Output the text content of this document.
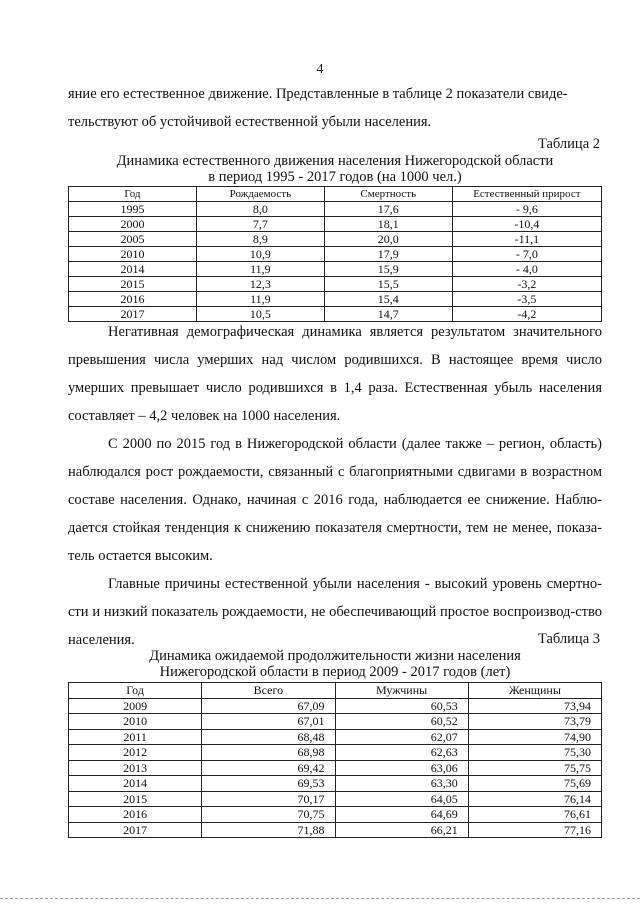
4

яние его естественное движение. Представленные в таблице 2 показатели свиде-
тельствуют об устойчивой естественной убыли населения.

Таблица 2

Динамика естественного движения населения Нижегородской области
в период 1995 - 2017 годов (на 1000 чел.)

Год	Рождаемость	Смертность	Естественный прирост
1995	8,0	17,6	- 9,6
2000	7,7	18,1	-10,4
2005	8,9	20,0	-11,1
2010	10,9	17,9	- 7,0
2014	11,9	15,9	- 4,0
2015	12,3	15,5	-3,2
2016	11,9	15,4	-3,5
2017	10,5	14,7	-4,2

Негативная демографическая динамика является результатом значительного превышения числа умерших над числом родившихся. В настоящее время число умерших превышает число родившихся в 1,4 раза. Естественная убыль населения составляет – 4,2 человек на 1000 населения.

С 2000 по 2015 год в Нижегородской области (далее также – регион, область) наблюдался рост рождаемости, связанный с благоприятными сдвигами в возрастном составе населения. Однако, начиная с 2016 года, наблюдается ее снижение. Наблю-дается стойкая тенденция к снижению показателя смертности, тем не менее, показа-тель остается высоким.

Главные причины естественной убыли населения - высокий уровень смертно-сти и низкий показатель рождаемости, не обеспечивающий простое воспроизвод-ство населения.	Таблица 3

Динамика ожидаемой продолжительности жизни населения
Нижегородской области в период 2009 - 2017 годов (лет)

Год	Всего	Мужчины	Женщины
2009	67,09	60,53	73,94
2010	67,01	60,52	73,79
2011	68,48	62,07	74,90
2012	68,98	62,63	75,30
2013	69,42	63,06	75,75
2014	69,53	63,30	75,69
2015	70,17	64,05	76,14
2016	70,75	64,69	76,61
2017	71,88	66,21	77,16
